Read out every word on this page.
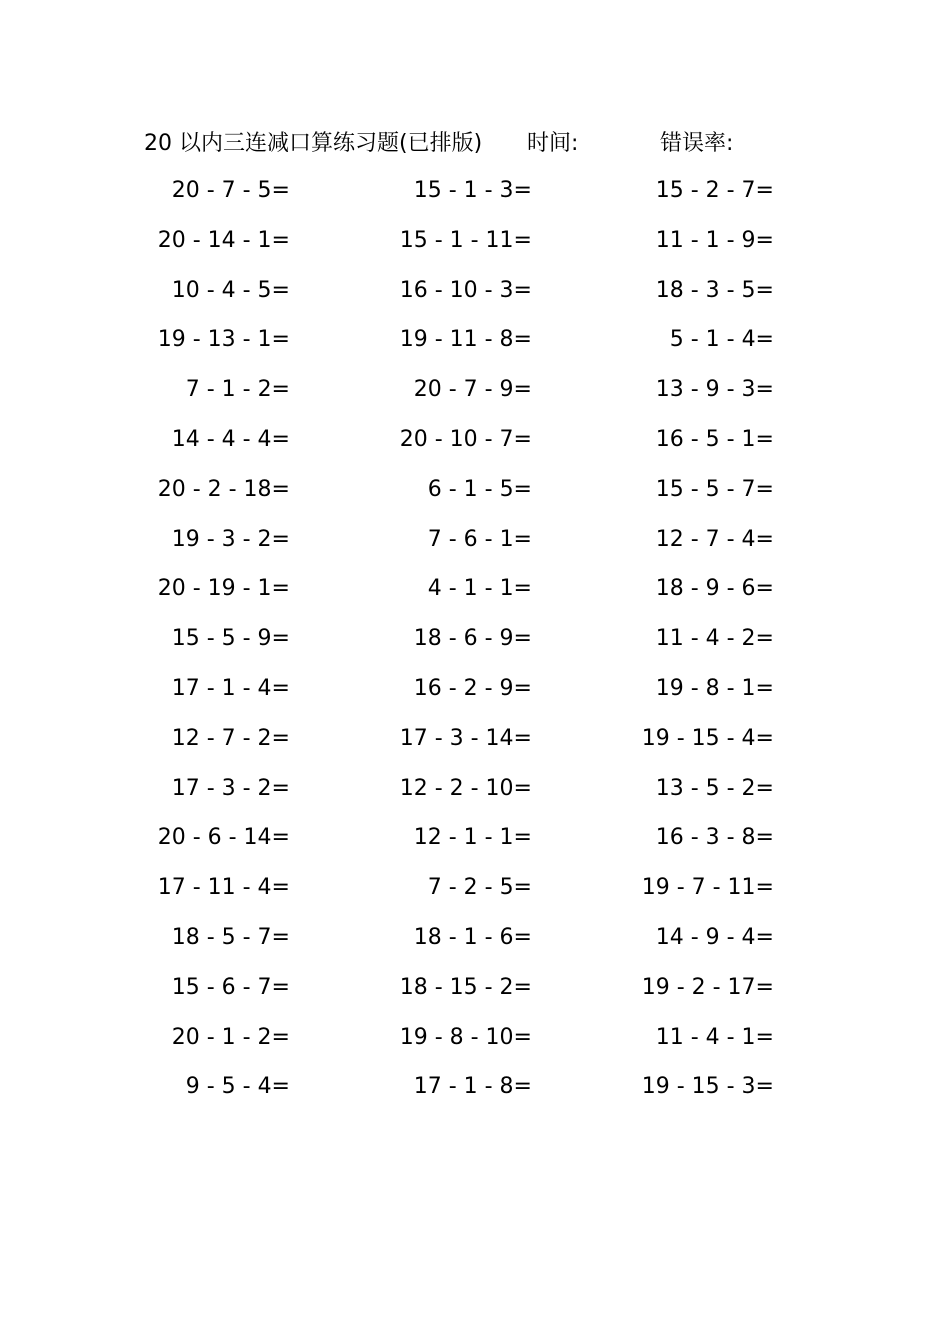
20 以内三连减口算练习题(已排版) 时间:	错误率:
20 - 7 - 5=	15 - 1 - 3=	15 - 2 - 7=
20 - 14 - 1=	15 - 1 - 11=	11 - 1 - 9=
10 - 4 - 5=	16 - 10 - 3=	18 - 3 - 5=
19 - 13 - 1=	19 - 11 - 8=	5 - 1 - 4=
7 - 1 - 2=	20 - 7 - 9=	13 - 9 - 3=
14 - 4 - 4=	20 - 10 - 7=	16 - 5 - 1=
20 - 2 - 18=	6 - 1 - 5=	15 - 5 - 7=
19 - 3 - 2=	7 - 6 - 1=	12 - 7 - 4=
20 - 19 - 1=	4 - 1 - 1=	18 - 9 - 6=
15 - 5 - 9=	18 - 6 - 9=	11 - 4 - 2=
17 - 1 - 4=	16 - 2 - 9=	19 - 8 - 1=
12 - 7 - 2=	17 - 3 - 14=	19 - 15 - 4=
17 - 3 - 2=	12 - 2 - 10=	13 - 5 - 2=
20 - 6 - 14=	12 - 1 - 1=	16 - 3 - 8=
17 - 11 - 4=	7 - 2 - 5=	19 - 7 - 11=
18 - 5 - 7=	18 - 1 - 6=	14 - 9 - 4=
15 - 6 - 7=	18 - 15 - 2=	19 - 2 - 17=
20 - 1 - 2=	19 - 8 - 10=	11 - 4 - 1=
9 - 5 - 4=	17 - 1 - 8=	19 - 15 - 3=
